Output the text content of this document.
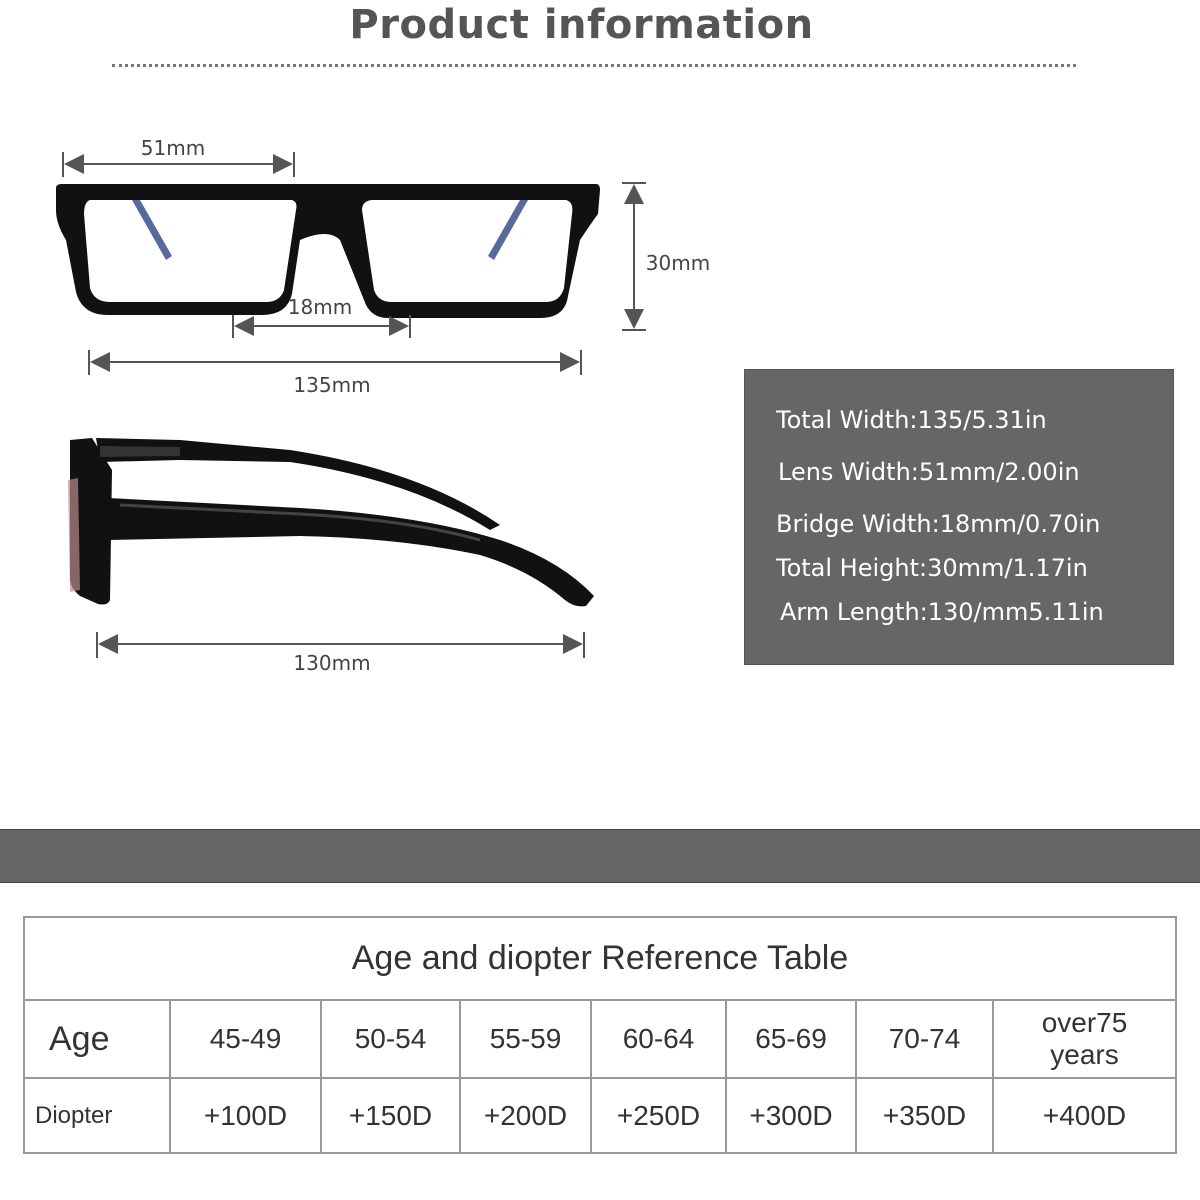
Product information
51mm
18mm
135mm
30mm
130mm
Total Width:135/5.31in
Lens Width:51mm/2.00in
Bridge Width:18mm/0.70in
Total Height:30mm/1.17in
Arm Length:130/mm5.11in
Age and diopter Reference Table							
Age	45-49	50-54	55-59	60-64	65-69	70-74	over75
years

Diopter	+100D	+150D	+200D	+250D	+300D	+350D	+400D
